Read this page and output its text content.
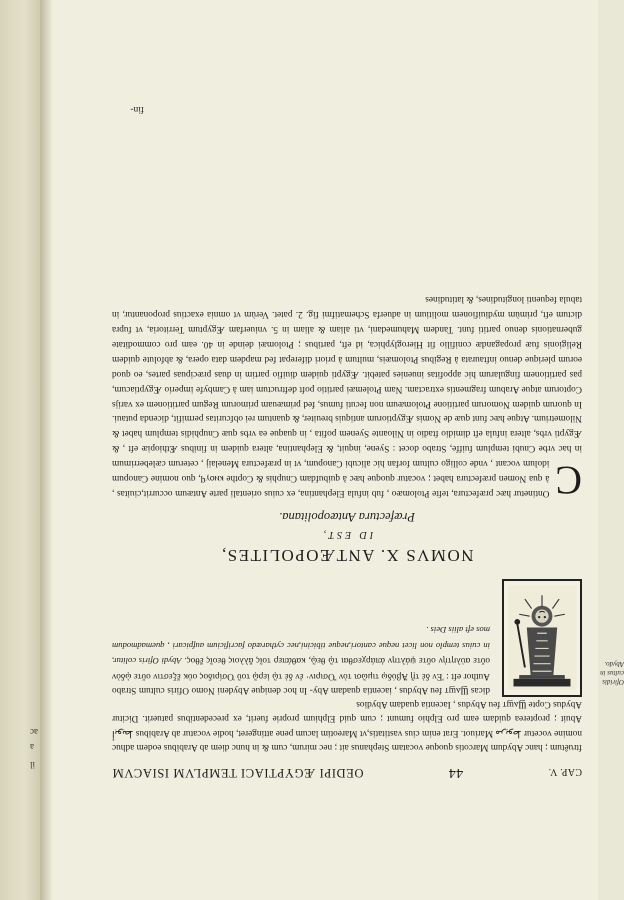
il
a
ac
CAP. V.
44
OEDIPI ÆGYPTIACI TEMPLVM ISIACVM
ftruêtum ; hanc Abydum Marcotis quoque vocatam Stephanus ait ; nec mirum, cum & in hunc diem ab Arabibus eodem adhuc nomine vocetur مريوط Mariuot. Erat enim cius vastitatis,vt Mareotim lacum pene attingeret, hodie vocatur ab Arabibus أبويط Abuit ; propterea quidam eam pro Elphio fumunt ; cum quid Elphium proprie fuerit, ex precedentibus patuerit. Dicitur Abydus Copte Ϣⲁϣⲧ feu Abydus , Iacentia quadam Abydios
Ofiridis cultus in Abydo.
dicas Ϣⲁϣⲧ feu Abydus , iacentia quadam Aby- In hoc denique Abydeni Nomo Ofiris cultum Strabo Author eft : Ἐν δὲ τῇ Ἀβύδῳ τιμῶσι τὸν Ὄσιριν· ἐν δὲ τῷ ἱερῷ τοῦ Ὀσίριδος οὐκ ἔξεστιν οὔτε ᾠδὸν οὔτε αὐλητὴν οὔτε ψάλτην ἀπάρχεσθαι τῷ θεῷ, καθάπερ τοῖς ἄλλοις θεοῖς ἔθος. Abydi Ofiris colitur, in cuius templo non licet neque cantori,neque tibicini,nec cytharædo facrificium aufpicari , quemadmodum mos eft aliis Deis .
NOMVS X. ANTÆOPOLITES,
ID EST,
Præfectura Antæopolitana.
C
Ontinetur hæc præfectura, tefte Ptolomæo , fub infula Elephantina, ex cuius orientali parte Antæum occurrit,ciuitas , à qua Nomen præfectura habet ; vocatur quoque hæc à quibufdam Cnuphis & Copthe ⲕⲛⲟⲩϥ, quo nomine Canopum idolum vocant , vnde colligo cultum forfan hic alicubi Canopum, vt in præfectura Menelaij , ceterum cæleberrimum in hac vrbe Cnubi templum fuiffe, Strabo docet : Syene, inquit, & Elephantina, altera quidem in finibus Æthiopiæ eft , & Ægypti vrbs, altera infula eft dimidio ftadio in Niloante Syenem pofita , in quaque ea vrbs quæ Cnuphidis templum habet & Nilometrium. Atque hæc funt quæ de Nomis Ægyptiorum antiquis breuiter, & quantum rei obfcuritas permifit, dicenda putaui. In quorum quidem Nomorum partitione Ptolomæum non fecuti fumus, fed primæuam primorum Regum partitionem ex varijs Coptorum atque Arabum fragmentis extractam. Nam Ptolemæi partitio poft deftructum iam à Cambyfe imperio Ægyptiacum, pas partitionem fingularum hic appofitas inuenies patebit. Ægypti quidem diuifio partim in duas præcipuas partes, eo quod eorum plerique denuo inftaurata à Regibus Ptolomæis, multum à priori diferepat fed mapdem data opera, & abfolute quidem Religionis fuæ propagandæ conifilio fit Hieroglyphica, id eft, partibus ; Ptolomæi deinde in 40. eam pro commoditate gubernationis denuo partiti funt. Tandem Mahumedani, vti aliam & aliam in 5. vniuerfam Ægyptum Territoria, vt fupra dictum eft, primùm mydiuifionem molitium in aduerfa Schematifmi fig. 2. patet. Verùm vt omnia exactius proponantur, in tabula fequenti longitudines, & latitudines
fin-
